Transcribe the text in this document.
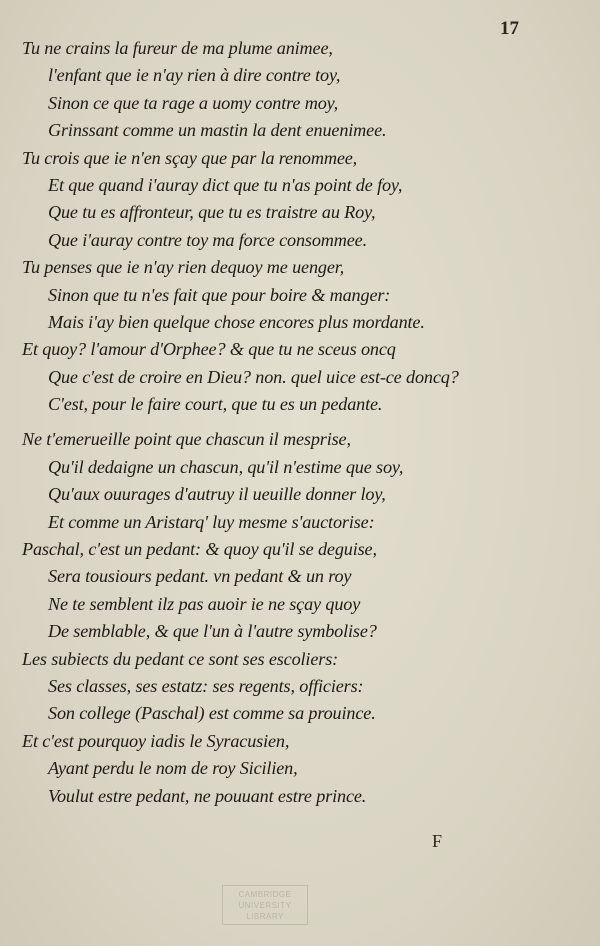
17
Tu ne crains la fureur de ma plume animee,
l'enfant que ie n'ay rien à dire contre toy,
Sinon ce que ta rage a uomy contre moy,
Grinssant comme un mastin la dent enuenimee.
Tu crois que ie n'en sçay que par la renommee,
Et que quand i'auray dict que tu n'as point de foy,
Que tu es affronteur, que tu es traistre au Roy,
Que i'auray contre toy ma force consommee.
Tu penses que ie n'ay rien dequoy me uenger,
Sinon que tu n'es fait que pour boire & manger:
Mais i'ay bien quelque chose encores plus mordante.
Et quoy? l'amour d'Orphee? & que tu ne sceus oncq
Que c'est de croire en Dieu? non. quel uice est-ce doncq?
C'est, pour le faire court, que tu es un pedante.
Ne t'emerueille point que chascun il mesprise,
Qu'il dedaigne un chascun, qu'il n'estime que soy,
Qu'aux ouurages d'autruy il ueuille donner loy,
Et comme un Aristarq' luy mesme s'auctorise:
Paschal, c'est un pedant: & quoy qu'il se deguise,
Sera tousiours pedant. vn pedant & un roy
Ne te semblent ilz pas auoir ie ne sçay quoy
De semblable, & que l'un à l'autre symbolise?
Les subiects du pedant ce sont ses escoliers:
Ses classes, ses estatz: ses regents, officiers:
Son college (Paschal) est comme sa prouince.
Et c'est pourquoy iadis le Syracusien,
Ayant perdu le nom de roy Sicilien,
Voulut estre pedant, ne pouuant estre prince.
F
CAMBRIDGE
UNIVERSITY
LIBRARY
